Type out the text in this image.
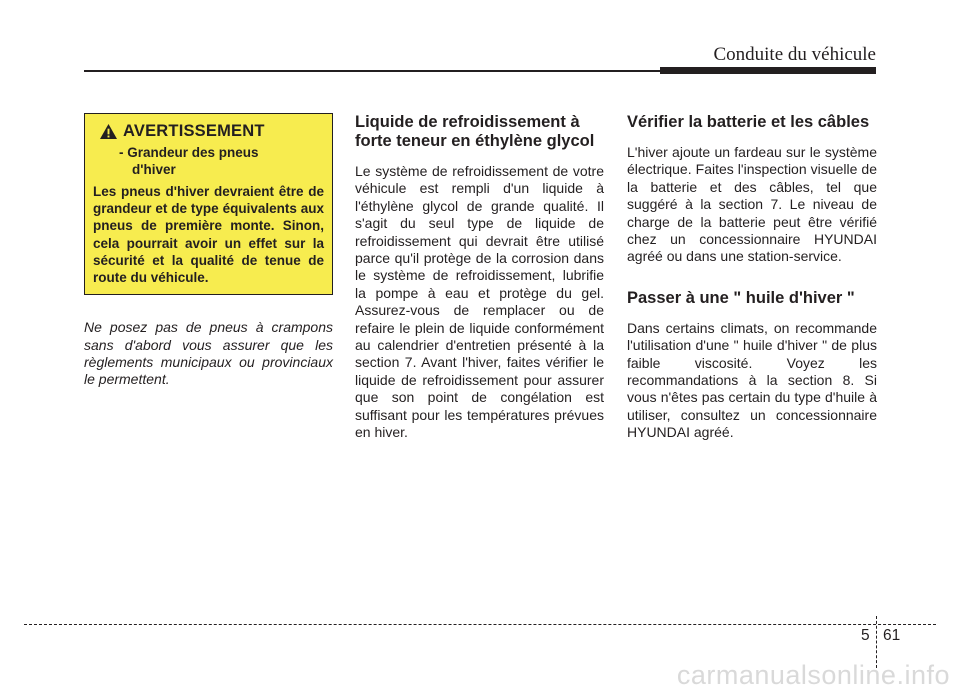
Conduite du véhicule
AVERTISSEMENT
- Grandeur des pneus
d'hiver
Les pneus d'hiver devraient être de grandeur et de type équivalents aux pneus de première monte. Sinon, cela pourrait avoir un effet sur la sécurité et la qualité de tenue de route du véhicule.
Ne posez pas de pneus à crampons sans d'abord vous assurer que les règlements municipaux ou provinciaux le permettent.
Liquide de refroidissement à forte teneur en éthylène glycol

Le système de refroidissement de votre véhicule est rempli d'un liquide à l'éthylène glycol de grande qualité. Il s'agit du seul type de liquide de refroidissement qui devrait être utilisé parce qu'il protège de la corrosion dans le système de refroidissement, lubrifie la pompe à eau et protège du gel. Assurez-vous de remplacer ou de refaire le plein de liquide conformément au calendrier d'entretien présenté à la section 7. Avant l'hiver, faites vérifier le liquide de refroidissement pour assurer que son point de congélation est suffisant pour les températures prévues en hiver.

Vérifier la batterie et les câbles

L'hiver ajoute un fardeau sur le système électrique. Faites l'inspection visuelle de la batterie et des câbles, tel que suggéré à la section 7. Le niveau de charge de la batterie peut être vérifié chez un concessionnaire HYUNDAI agréé ou dans une station-service.

Passer à une " huile d'hiver "

Dans certains climats, on recommande l'utilisation d'une " huile d'hiver " de plus faible viscosité. Voyez les recommandations à la section 8. Si vous n'êtes pas certain du type d'huile à utiliser, consultez un concessionnaire HYUNDAI agréé.

5 61
carmanualsonline.info
